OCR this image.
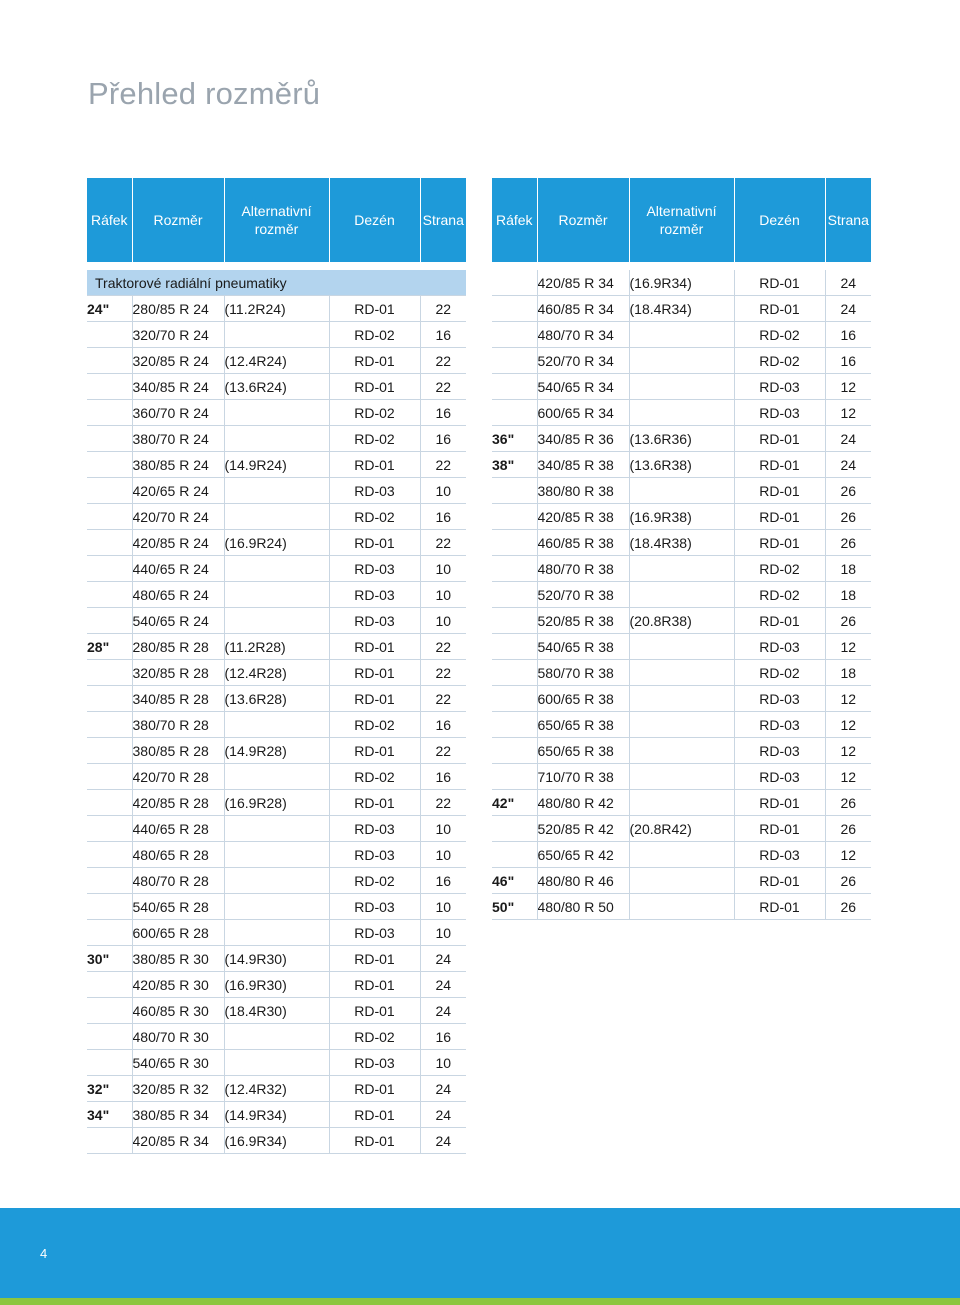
Přehled rozměrů
Ráfek	Rozměr	Alternativní rozměr	Dezén	Strana

Traktorové radiální pneumatiky				
24"	280/85 R 24	(11.2R24)	RD-01	22
	320/70 R 24		RD-02	16
	320/85 R 24	(12.4R24)	RD-01	22
	340/85 R 24	(13.6R24)	RD-01	22
	360/70 R 24		RD-02	16
	380/70 R 24		RD-02	16
	380/85 R 24	(14.9R24)	RD-01	22
	420/65 R 24		RD-03	10
	420/70 R 24		RD-02	16
	420/85 R 24	(16.9R24)	RD-01	22
	440/65 R 24		RD-03	10
	480/65 R 24		RD-03	10
	540/65 R 24		RD-03	10
28"	280/85 R 28	(11.2R28)	RD-01	22
	320/85 R 28	(12.4R28)	RD-01	22
	340/85 R 28	(13.6R28)	RD-01	22
	380/70 R 28		RD-02	16
	380/85 R 28	(14.9R28)	RD-01	22
	420/70 R 28		RD-02	16
	420/85 R 28	(16.9R28)	RD-01	22
	440/65 R 28		RD-03	10
	480/65 R 28		RD-03	10
	480/70 R 28		RD-02	16
	540/65 R 28		RD-03	10
	600/65 R 28		RD-03	10
30"	380/85 R 30	(14.9R30)	RD-01	24
	420/85 R 30	(16.9R30)	RD-01	24
	460/85 R 30	(18.4R30)	RD-01	24
	480/70 R 30		RD-02	16
	540/65 R 30		RD-03	10
32"	320/85 R 32	(12.4R32)	RD-01	24
34"	380/85 R 34	(14.9R34)	RD-01	24
	420/85 R 34	(16.9R34)	RD-01	24
Ráfek	Rozměr	Alternativní rozměr	Dezén	Strana

	420/85 R 34	(16.9R34)	RD-01	24
	460/85 R 34	(18.4R34)	RD-01	24
	480/70 R 34		RD-02	16
	520/70 R 34		RD-02	16
	540/65 R 34		RD-03	12
	600/65 R 34		RD-03	12
36"	340/85 R 36	(13.6R36)	RD-01	24
38"	340/85 R 38	(13.6R38)	RD-01	24
	380/80 R 38		RD-01	26
	420/85 R 38	(16.9R38)	RD-01	26
	460/85 R 38	(18.4R38)	RD-01	26
	480/70 R 38		RD-02	18
	520/70 R 38		RD-02	18
	520/85 R 38	(20.8R38)	RD-01	26
	540/65 R 38		RD-03	12
	580/70 R 38		RD-02	18
	600/65 R 38		RD-03	12
	650/65 R 38		RD-03	12
	650/65 R 38		RD-03	12
	710/70 R 38		RD-03	12
42"	480/80 R 42		RD-01	26
	520/85 R 42	(20.8R42)	RD-01	26
	650/65 R 42		RD-03	12
46"	480/80 R 46		RD-01	26
50"	480/80 R 50		RD-01	26
4
